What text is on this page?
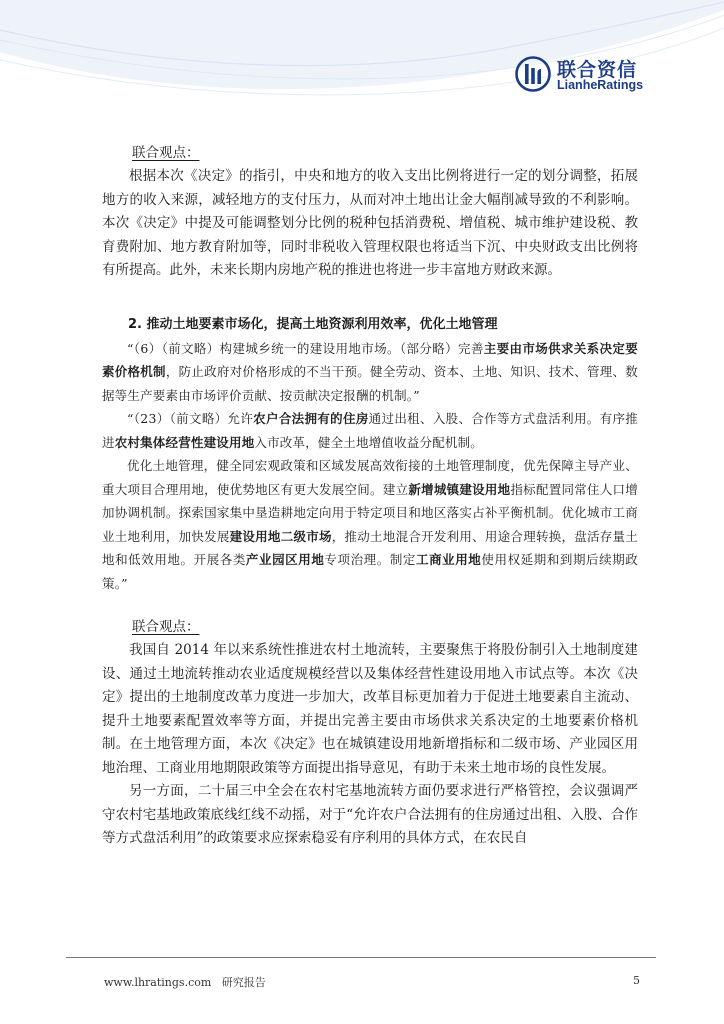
联合资信
LianheRatings
联合观点：

根据本次《决定》的指引，中央和地方的收入支出比例将进行一定的划分调整，拓展地方的收入来源，减轻地方的支付压力，从而对冲土地出让金大幅削减导致的不利影响。本次《决定》中提及可能调整划分比例的税种包括消费税、增值税、城市维护建设税、教育费附加、地方教育附加等，同时非税收入管理权限也将适当下沉、中央财政支出比例将有所提高。此外，未来长期内房地产税的推进也将进一步丰富地方财政来源。

2. 推动土地要素市场化，提高土地资源利用效率，优化土地管理

“（6）（前文略）构建城乡统一的建设用地市场。（部分略）完善主要由市场供求关系决定要素价格机制，防止政府对价格形成的不当干预。健全劳动、资本、土地、知识、技术、管理、数据等生产要素由市场评价贡献、按贡献决定报酬的机制。”

“（23）（前文略）允许农户合法拥有的住房通过出租、入股、合作等方式盘活利用。有序推进农村集体经营性建设用地入市改革，健全土地增值收益分配机制。

优化土地管理，健全同宏观政策和区域发展高效衔接的土地管理制度，优先保障主导产业、重大项目合理用地，使优势地区有更大发展空间。建立新增城镇建设用地指标配置同常住人口增加协调机制。探索国家集中垦造耕地定向用于特定项目和地区落实占补平衡机制。优化城市工商业土地利用，加快发展建设用地二级市场，推动土地混合开发利用、用途合理转换，盘活存量土地和低效用地。开展各类产业园区用地专项治理。制定工商业用地使用权延期和到期后续期政策。”

联合观点：

我国自 2014 年以来系统性推进农村土地流转，主要聚焦于将股份制引入土地制度建设、通过土地流转推动农业适度规模经营以及集体经营性建设用地入市试点等。本次《决定》提出的土地制度改革力度进一步加大，改革目标更加着力于促进土地要素自主流动、提升土地要素配置效率等方面，并提出完善主要由市场供求关系决定的土地要素价格机制。在土地管理方面，本次《决定》也在城镇建设用地新增指标和二级市场、产业园区用地治理、工商业用地期限政策等方面提出指导意见，有助于未来土地市场的良性发展。

另一方面，二十届三中全会在农村宅基地流转方面仍要求进行严格管控，会议强调严守农村宅基地政策底线红线不动摇，对于“允许农户合法拥有的住房通过出租、入股、合作等方式盘活利用”的政策要求应探索稳妥有序利用的具体方式，在农民自

www.lhratings.com 研究报告	5
